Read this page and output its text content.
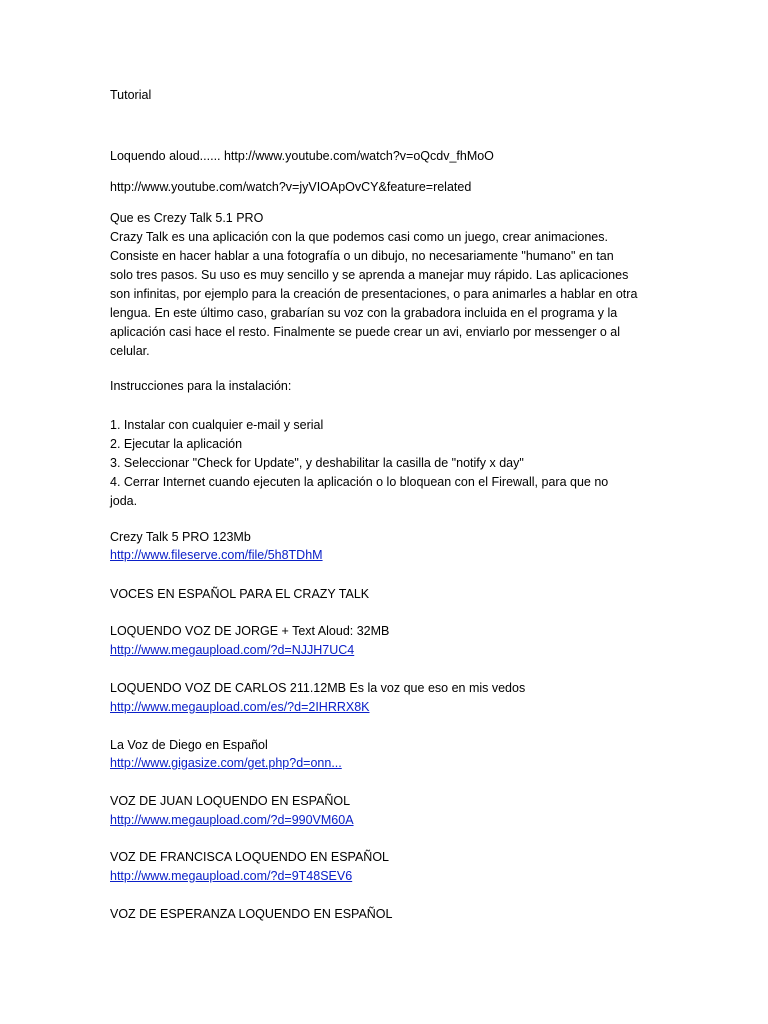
Tutorial
Loquendo aloud...... http://www.youtube.com/watch?v=oQcdv_fhMoO
http://www.youtube.com/watch?v=jyVIOApOvCY&feature=related
Que es Crezy Talk 5.1 PRO
Crazy Talk es una aplicación con la que podemos casi como un juego, crear animaciones.
Consiste en hacer hablar a una fotografía o un dibujo, no necesariamente "humano" en tan
solo tres pasos. Su uso es muy sencillo y se aprenda a manejar muy rápido. Las aplicaciones
son infinitas, por ejemplo para la creación de presentaciones, o para animarles a hablar en otra
lengua. En este último caso, grabarían su voz con la grabadora incluida en el programa y la
aplicación casi hace el resto. Finalmente se puede crear un avi, enviarlo por messenger o al
celular.
Instrucciones para la instalación:
1. Instalar con cualquier e-mail y serial
2. Ejecutar la aplicación
3. Seleccionar "Check for Update", y deshabilitar la casilla de "notify x day"
4. Cerrar Internet cuando ejecuten la aplicación o lo bloquean con el Firewall, para que no
joda.
Crezy Talk 5 PRO 123Mb
http://www.fileserve.com/file/5h8TDhM
VOCES EN ESPAÑOL PARA EL CRAZY TALK
LOQUENDO VOZ DE JORGE + Text Aloud: 32MB
http://www.megaupload.com/?d=NJJH7UC4
LOQUENDO VOZ DE CARLOS 211.12MB Es la voz que eso en mis vedos
http://www.megaupload.com/es/?d=2IHRRX8K
La Voz de Diego en Español
http://www.gigasize.com/get.php?d=onn...
VOZ DE JUAN LOQUENDO EN ESPAÑOL
http://www.megaupload.com/?d=990VM60A
VOZ DE FRANCISCA LOQUENDO EN ESPAÑOL
http://www.megaupload.com/?d=9T48SEV6
VOZ DE ESPERANZA LOQUENDO EN ESPAÑOL
